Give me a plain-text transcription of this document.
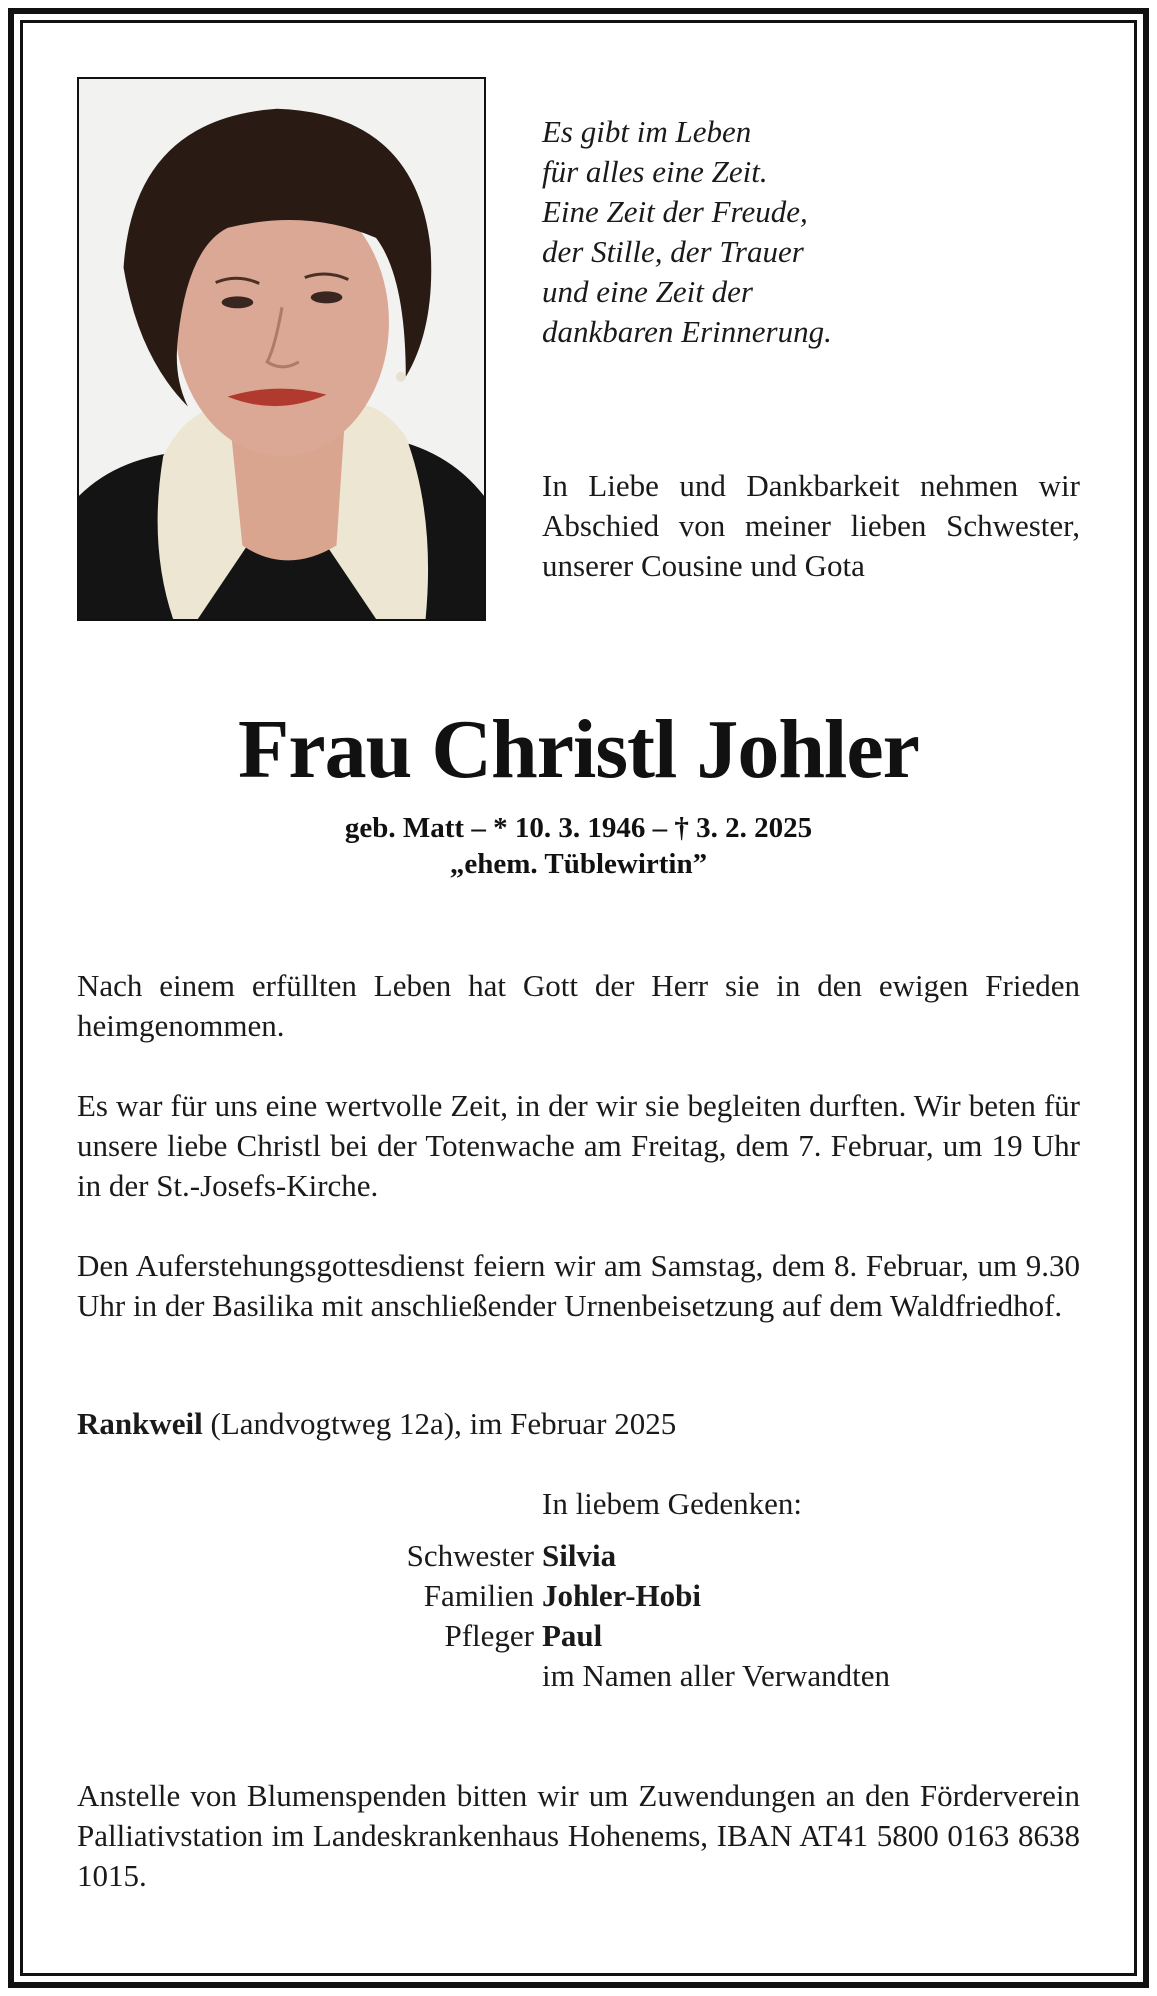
Es gibt im Leben
für alles eine Zeit.
Eine Zeit der Freude,
der Stille, der Trauer
und eine Zeit der
dankbaren Erinnerung.
In Liebe und Dankbarkeit nehmen wir Abschied von meiner lieben Schwester, unserer Cousine und Gota
Frau Christl Johler
geb. Matt – * 10. 3. 1946 – † 3. 2. 2025
„ehem. Tüblewirtin”
Nach einem erfüllten Leben hat Gott der Herr sie in den ewigen Frieden heimgenommen.
Es war für uns eine wertvolle Zeit, in der wir sie begleiten durften. Wir beten für unsere liebe Christl bei der Totenwache am Freitag, dem 7. Februar, um 19 Uhr in der St.-Josefs-Kirche.
Den Auferstehungsgottesdienst feiern wir am Samstag, dem 8. Februar, um 9.30 Uhr in der Basilika mit anschließender Urnenbeisetzung auf dem Waldfriedhof.
Rankweil (Landvogtweg 12a), im Februar 2025
In liebem Gedenken:
Schwester Silvia
Familien Johler-Hobi
Pfleger Paul
im Namen aller Verwandten
Anstelle von Blumenspenden bitten wir um Zuwendungen an den Förderverein Palliativstation im Landeskrankenhaus Hohenems, IBAN AT41 5800 0163 8638 1015.
